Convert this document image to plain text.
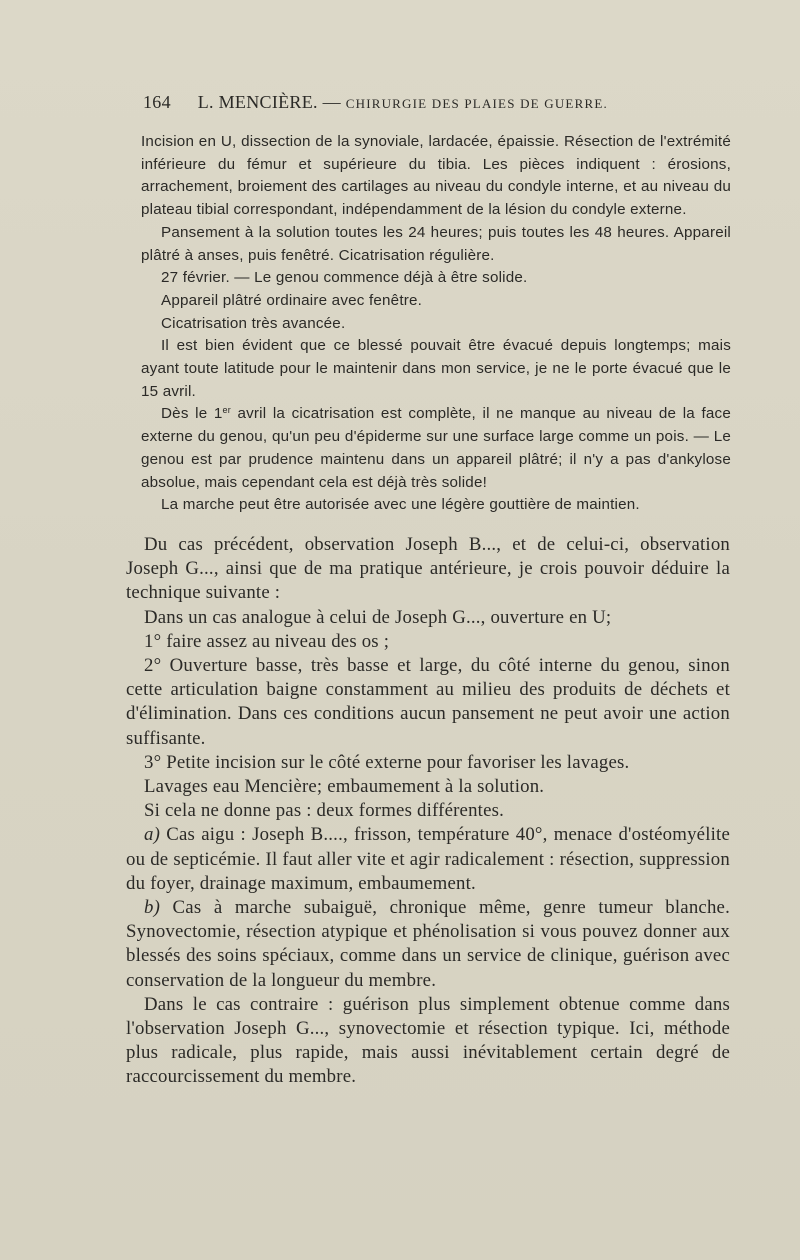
164 L. MENCIÈRE. — CHIRURGIE DES PLAIES DE GUERRE.

Incision en U, dissection de la synoviale, lardacée, épaissie. Résection de l'extrémité inférieure du fémur et supérieure du tibia. Les pièces indiquent : érosions, arrachement, broiement des cartilages au niveau du condyle interne, et au niveau du plateau tibial correspondant, indépendamment de la lésion du condyle externe.

Pansement à la solution toutes les 24 heures; puis toutes les 48 heures. Appareil plâtré à anses, puis fenêtré. Cicatrisation régulière.

27 février. — Le genou commence déjà à être solide.

Appareil plâtré ordinaire avec fenêtre.

Cicatrisation très avancée.

Il est bien évident que ce blessé pouvait être évacué depuis longtemps; mais ayant toute latitude pour le maintenir dans mon service, je ne le porte évacué que le 15 avril.

Dès le 1er avril la cicatrisation est complète, il ne manque au niveau de la face externe du genou, qu'un peu d'épiderme sur une surface large comme un pois. — Le genou est par prudence maintenu dans un appareil plâtré; il n'y a pas d'ankylose absolue, mais cependant cela est déjà très solide!

La marche peut être autorisée avec une légère gouttière de maintien.

Du cas précédent, observation Joseph B..., et de celui-ci, observation Joseph G..., ainsi que de ma pratique antérieure, je crois pouvoir déduire la technique suivante :

Dans un cas analogue à celui de Joseph G..., ouverture en U;

1° faire assez au niveau des os ;

2° Ouverture basse, très basse et large, du côté interne du genou, sinon cette articulation baigne constamment au milieu des produits de déchets et d'élimination. Dans ces conditions aucun pansement ne peut avoir une action suffisante.

3° Petite incision sur le côté externe pour favoriser les lavages.

Lavages eau Mencière; embaumement à la solution.

Si cela ne donne pas : deux formes différentes.

a) Cas aigu : Joseph B...., frisson, température 40°, menace d'ostéomyélite ou de septicémie. Il faut aller vite et agir radicalement : résection, suppression du foyer, drainage maximum, embaumement.

b) Cas à marche subaiguë, chronique même, genre tumeur blanche. Synovectomie, résection atypique et phénolisation si vous pouvez donner aux blessés des soins spéciaux, comme dans un service de clinique, guérison avec conservation de la longueur du membre.

Dans le cas contraire : guérison plus simplement obtenue comme dans l'observation Joseph G..., synovectomie et résection typique. Ici, méthode plus radicale, plus rapide, mais aussi inévitablement certain degré de raccourcissement du membre.
